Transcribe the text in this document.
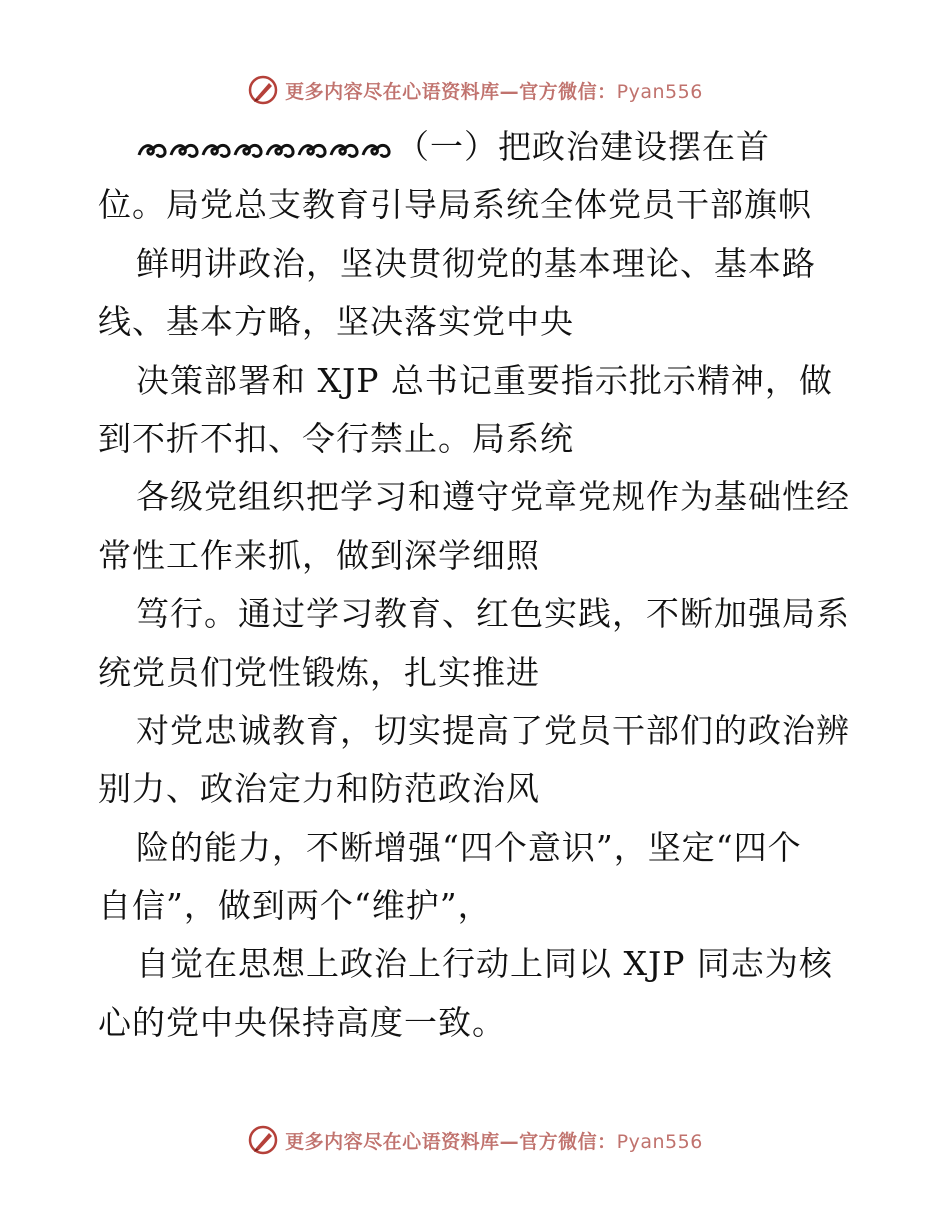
更多内容尽在心语资料库—官方微信：Pyan556
（一）把政治建设摆在首
位。局党总支教育引导局系统全体党员干部旗帜
鲜明讲政治，坚决贯彻党的基本理论、基本路
线、基本方略，坚决落实党中央
决策部署和 XJP 总书记重要指示批示精神，做
到不折不扣、令行禁止。局系统
各级党组织把学习和遵守党章党规作为基础性经
常性工作来抓，做到深学细照
笃行。通过学习教育、红色实践，不断加强局系
统党员们党性锻炼，扎实推进
对党忠诚教育，切实提高了党员干部们的政治辨
别力、政治定力和防范政治风
险的能力，不断增强“四个意识”，坚定“四个
自信”，做到两个“维护”，
自觉在思想上政治上行动上同以 XJP 同志为核
心的党中央保持高度一致。
更多内容尽在心语资料库—官方微信：Pyan556
